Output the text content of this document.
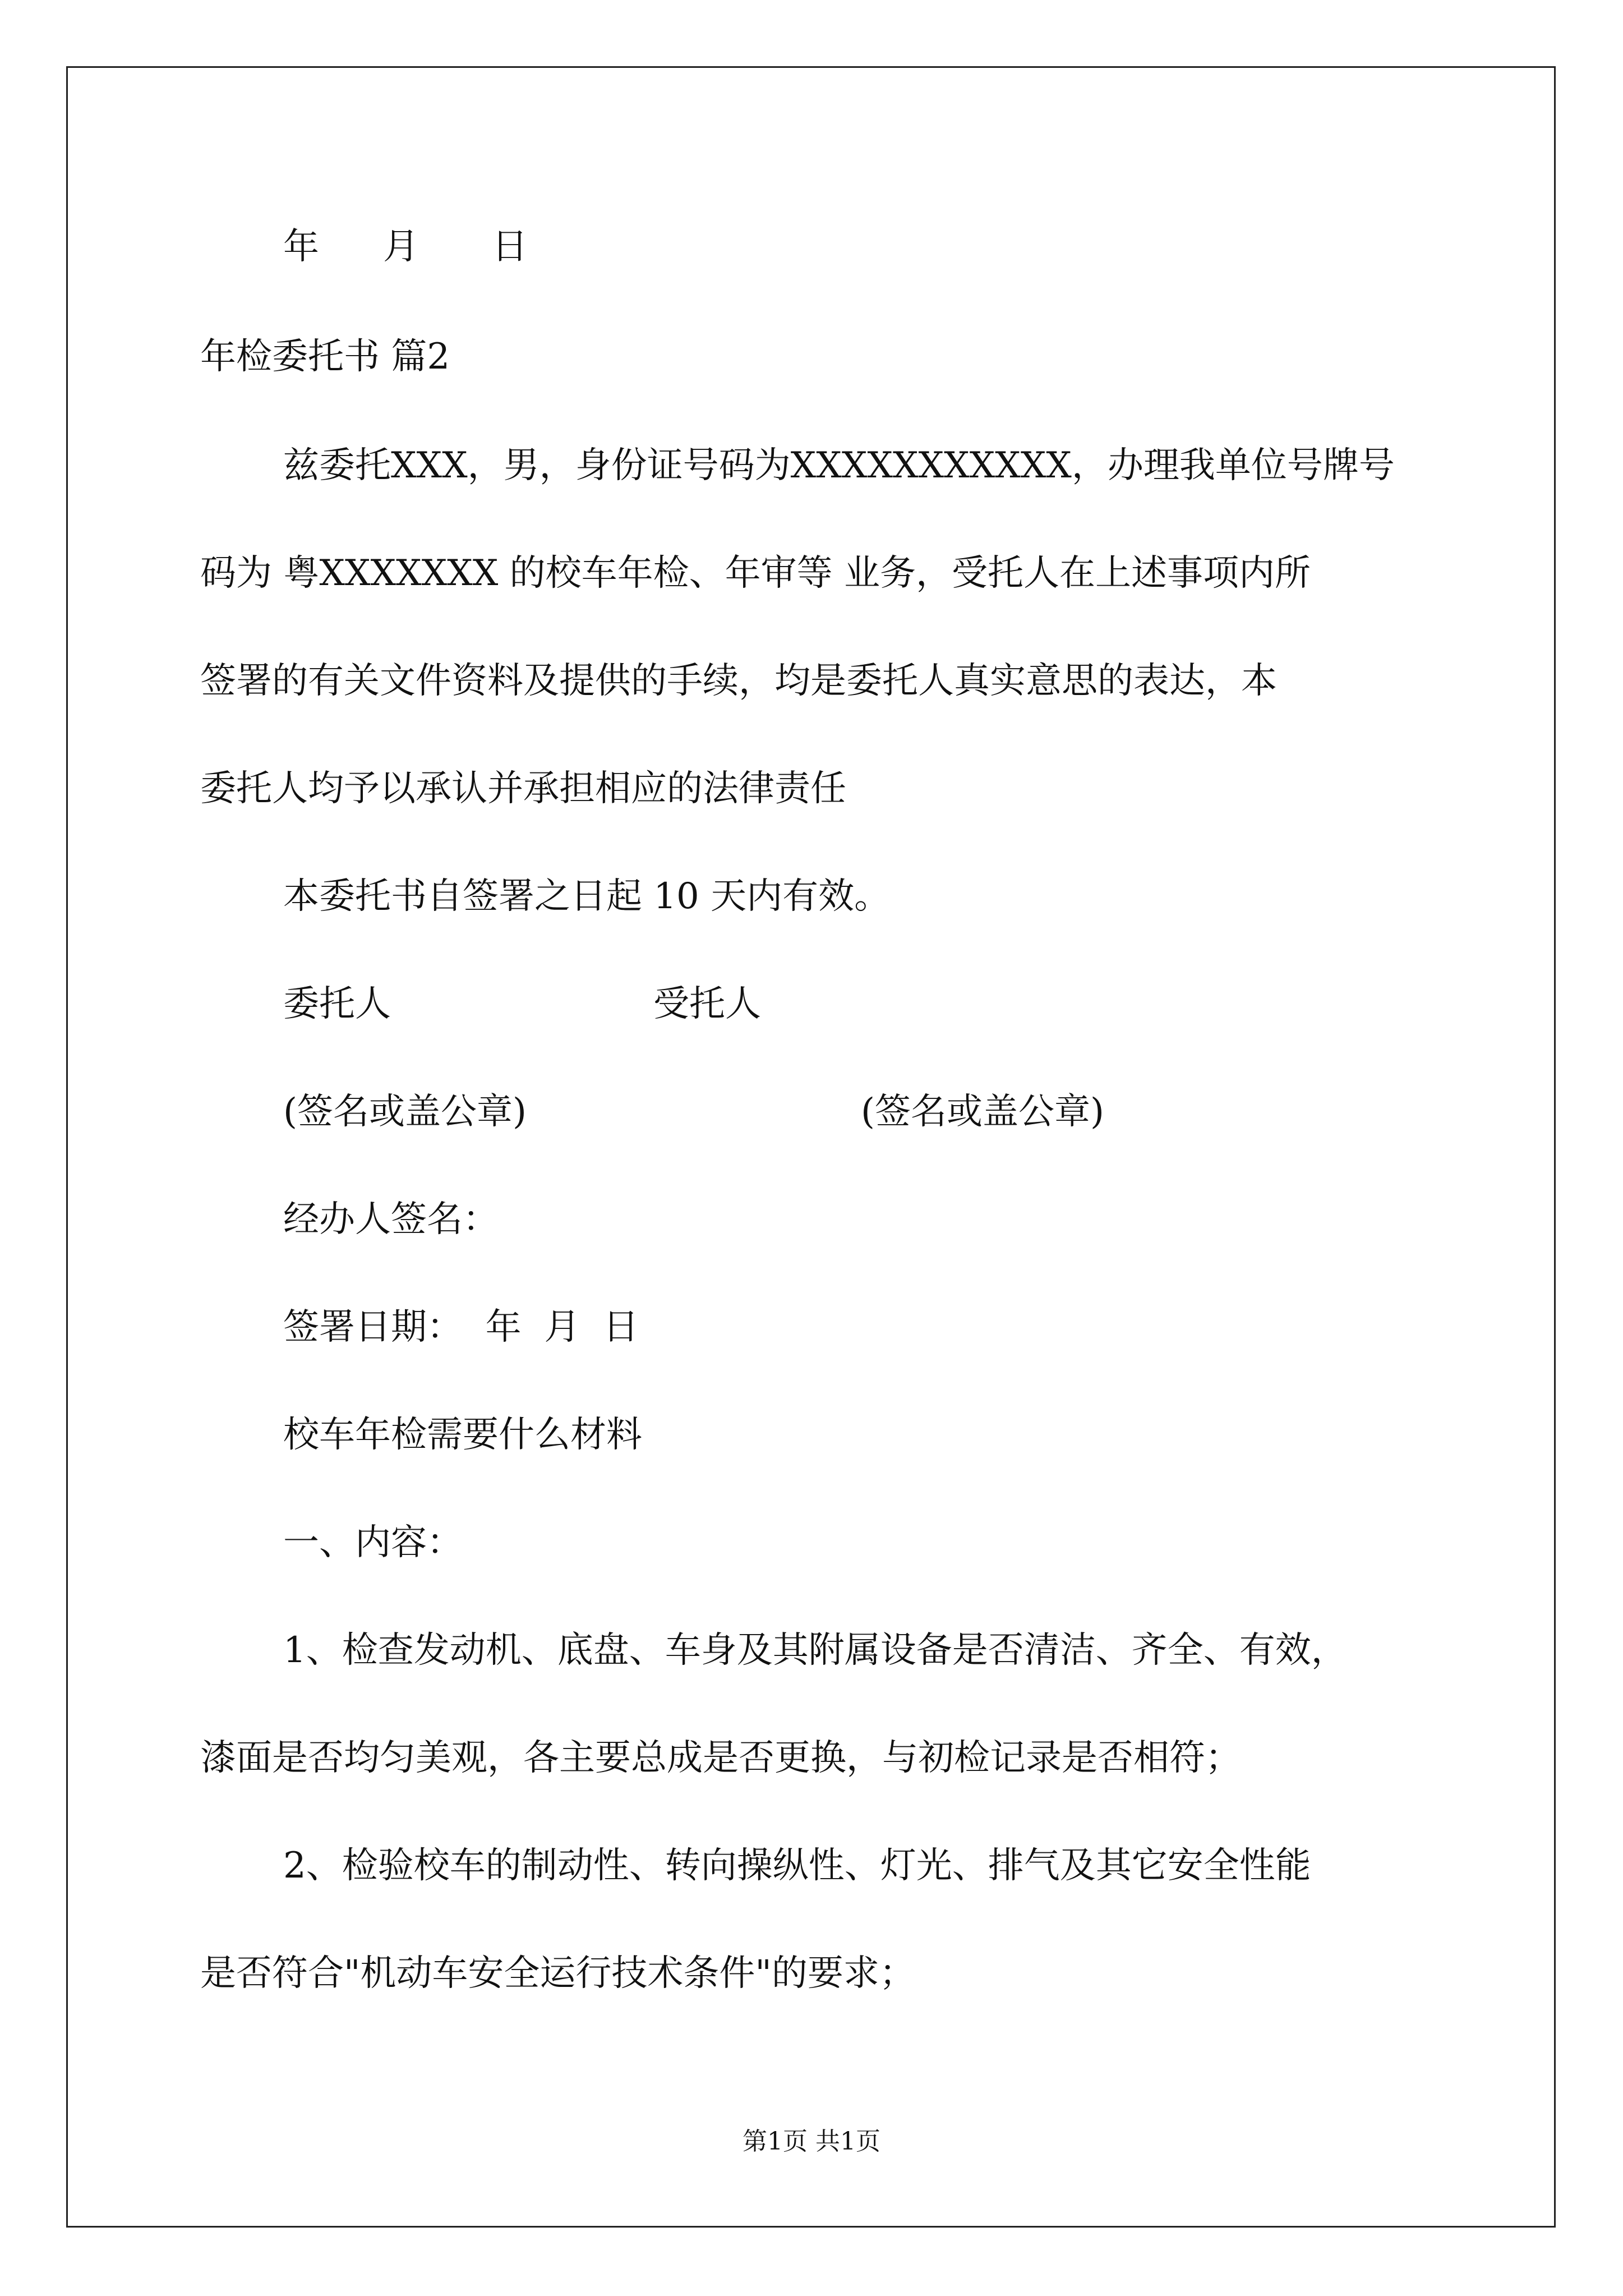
年 月 日
年检委托书 篇2
兹委托XXX，男，身份证号码为XXXXXXXXXXX，办理我单位号牌号
码为 粤XXXXXXX 的校车年检、年审等 业务，受托人在上述事项内所
签署的有关文件资料及提供的手续，均是委托人真实意思的表达，本
委托人均予以承认并承担相应的法律责任
本委托书自签署之日起 10 天内有效。
委托人	受托人
(签名或盖公章)	(签名或盖公章)
经办人签名：
签署日期：  年  月  日
校车年检需要什么材料
一、内容：
1、检查发动机、底盘、车身及其附属设备是否清洁、齐全、有效，
漆面是否均匀美观，各主要总成是否更换，与初检记录是否相符；
2、检验校车的制动性、转向操纵性、灯光、排气及其它安全性能
是否符合"机动车安全运行技术条件"的要求；
第1页 共1页
